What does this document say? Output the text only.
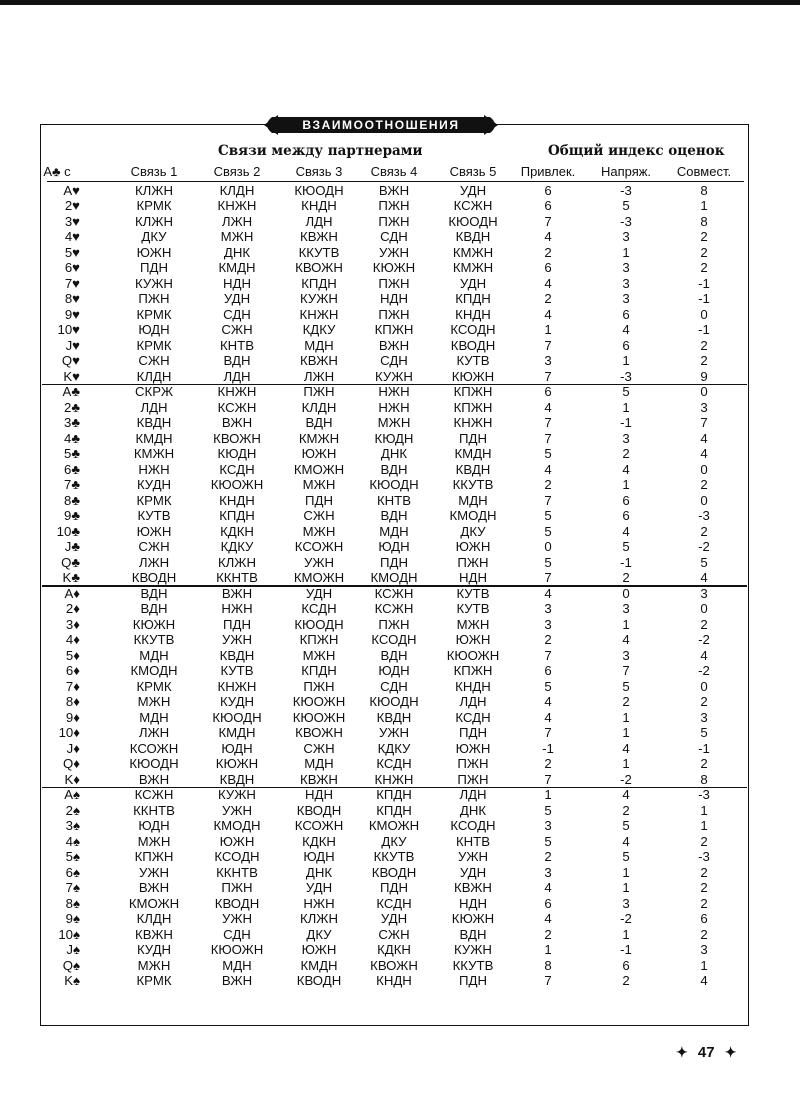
ВЗАИМООТНОШЕНИЯ
Связи между партнерами	Общий индекс оценок
A♣ с	Связь 1	Связь 2	Связь 3	Связь 4	Связь 5	Привлек.	Напряж.	Совмест.
A♥	КЛЖН	КЛДН	КЮОДН	ВЖН	УДН	6	-3	8
2♥	КРМК	КНЖН	КНДН	ПЖН	КСЖН	6	5	1
3♥	КЛЖН	ЛЖН	ЛДН	ПЖН	КЮОДН	7	-3	8
4♥	ДКУ	МЖН	КВЖН	СДН	КВДН	4	3	2
5♥	ЮЖН	ДНК	ККУТВ	УЖН	КМЖН	2	1	2
6♥	ПДН	КМДН	КВОЖН	КЮЖН	КМЖН	6	3	2
7♥	КУЖН	НДН	КПДН	ПЖН	УДН	4	3	-1
8♥	ПЖН	УДН	КУЖН	НДН	КПДН	2	3	-1
9♥	КРМК	СДН	КНЖН	ПЖН	КНДН	4	6	0
10♥	ЮДН	СЖН	КДКУ	КПЖН	КСОДН	1	4	-1
J♥	КРМК	КНТВ	МДН	ВЖН	КВОДН	7	6	2
Q♥	СЖН	ВДН	КВЖН	СДН	КУТВ	3	1	2
K♥	КЛДН	ЛДН	ЛЖН	КУЖН	КЮЖН	7	-3	9
A♣	СКРЖ	КНЖН	ПЖН	НЖН	КПЖН	6	5	0
2♣	ЛДН	КСЖН	КЛДН	НЖН	КПЖН	4	1	3
3♣	КВДН	ВЖН	ВДН	МЖН	КНЖН	7	-1	7
4♣	КМДН	КВОЖН	КМЖН	КЮДН	ПДН	7	3	4
5♣	КМЖН	КЮДН	ЮЖН	ДНК	КМДН	5	2	4
6♣	НЖН	КСДН	КМОЖН	ВДН	КВДН	4	4	0
7♣	КУДН	КЮОЖН	МЖН	КЮОДН	ККУТВ	2	1	2
8♣	КРМК	КНДН	ПДН	КНТВ	МДН	7	6	0
9♣	КУТВ	КПДН	СЖН	ВДН	КМОДН	5	6	-3
10♣	ЮЖН	КДКН	МЖН	МДН	ДКУ	5	4	2
J♣	СЖН	КДКУ	КСОЖН	ЮДН	ЮЖН	0	5	-2
Q♣	ЛЖН	КЛЖН	УЖН	ПДН	ПЖН	5	-1	5
K♣	КВОДН	ККНТВ	КМОЖН	КМОДН	НДН	7	2	4
A♦	ВДН	ВЖН	УДН	КСЖН	КУТВ	4	0	3
2♦	ВДН	НЖН	КСДН	КСЖН	КУТВ	3	3	0
3♦	КЮЖН	ПДН	КЮОДН	ПЖН	МЖН	3	1	2
4♦	ККУТВ	УЖН	КПЖН	КСОДН	ЮЖН	2	4	-2
5♦	МДН	КВДН	МЖН	ВДН	КЮОЖН	7	3	4
6♦	КМОДН	КУТВ	КПДН	ЮДН	КПЖН	6	7	-2
7♦	КРМК	КНЖН	ПЖН	СДН	КНДН	5	5	0
8♦	МЖН	КУДН	КЮОЖН	КЮОДН	ЛДН	4	2	2
9♦	МДН	КЮОДН	КЮОЖН	КВДН	КСДН	4	1	3
10♦	ЛЖН	КМДН	КВОЖН	УЖН	ПДН	7	1	5
J♦	КСОЖН	ЮДН	СЖН	КДКУ	ЮЖН	-1	4	-1
Q♦	КЮОДН	КЮЖН	МДН	КСДН	ПЖН	2	1	2
K♦	ВЖН	КВДН	КВЖН	КНЖН	ПЖН	7	-2	8
A♠	КСЖН	КУЖН	НДН	КПДН	ЛДН	1	4	-3
2♠	ККНТВ	УЖН	КВОДН	КПДН	ДНК	5	2	1
3♠	ЮДН	КМОДН	КСОЖН	КМОЖН	КСОДН	3	5	1
4♠	МЖН	ЮЖН	КДКН	ДКУ	КНТВ	5	4	2
5♠	КПЖН	КСОДН	ЮДН	ККУТВ	УЖН	2	5	-3
6♠	УЖН	ККНТВ	ДНК	КВОДН	УДН	3	1	2
7♠	ВЖН	ПЖН	УДН	ПДН	КВЖН	4	1	2
8♠	КМОЖН	КВОДН	НЖН	КСДН	НДН	6	3	2
9♠	КЛДН	УЖН	КЛЖН	УДН	КЮЖН	4	-2	6
10♠	КВЖН	СДН	ДКУ	СЖН	ВДН	2	1	2
J♠	КУДН	КЮОЖН	ЮЖН	КДКН	КУЖН	1	-1	3
Q♠	МЖН	МДН	КМДН	КВОЖН	ККУТВ	8	6	1
K♠	КРМК	ВЖН	КВОДН	КНДН	ПДН	7	2	4
✦ 47 ✦
